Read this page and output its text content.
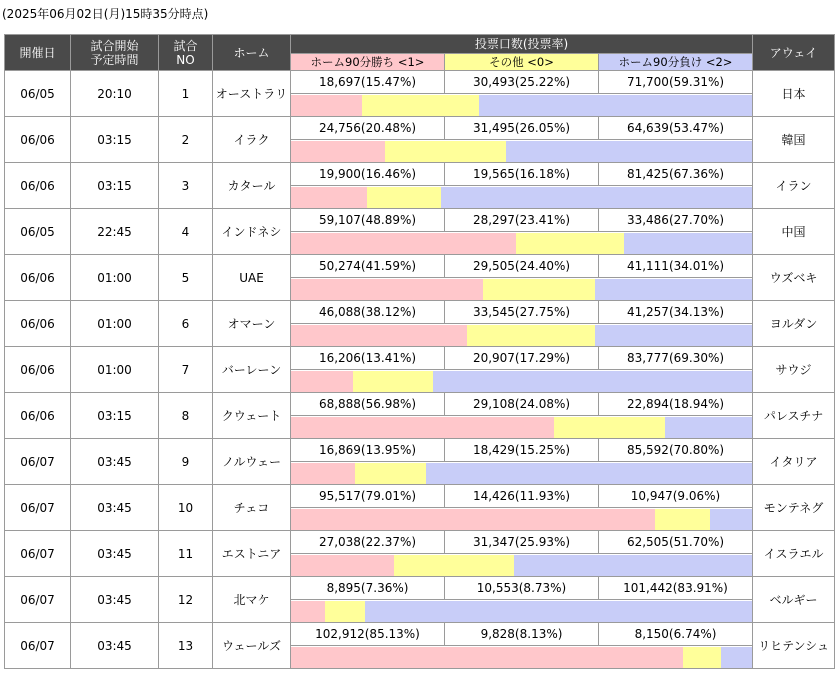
(2025年06月02日(月)15時35分時点)
開催日	試合開始
予定時間	試合
NO	ホーム	投票口数(投票率)			アウェイ
				ホーム90分勝ち <1>	その他 <0>	ホーム90分負け <2>	
06/05	20:10	1	オーストラリ	18,697(15.47%)	30,493(25.22%)	71,700(59.31%)	日本

06/06	03:15	2	イラク	24,756(20.48%)	31,495(26.05%)	64,639(53.47%)	韓国

06/06	03:15	3	カタール	19,900(16.46%)	19,565(16.18%)	81,425(67.36%)	イラン

06/05	22:45	4	インドネシ	59,107(48.89%)	28,297(23.41%)	33,486(27.70%)	中国

06/06	01:00	5	UAE	50,274(41.59%)	29,505(24.40%)	41,111(34.01%)	ウズベキ

06/06	01:00	6	オマーン	46,088(38.12%)	33,545(27.75%)	41,257(34.13%)	ヨルダン

06/06	01:00	7	バーレーン	16,206(13.41%)	20,907(17.29%)	83,777(69.30%)	サウジ

06/06	03:15	8	クウェート	68,888(56.98%)	29,108(24.08%)	22,894(18.94%)	パレスチナ

06/07	03:45	9	ノルウェー	16,869(13.95%)	18,429(15.25%)	85,592(70.80%)	イタリア

06/07	03:45	10	チェコ	95,517(79.01%)	14,426(11.93%)	10,947(9.06%)	モンテネグ

06/07	03:45	11	エストニア	27,038(22.37%)	31,347(25.93%)	62,505(51.70%)	イスラエル

06/07	03:45	12	北マケ	8,895(7.36%)	10,553(8.73%)	101,442(83.91%)	ベルギー

06/07	03:45	13	ウェールズ	102,912(85.13%)	9,828(8.13%)	8,150(6.74%)	リヒテンシュ
